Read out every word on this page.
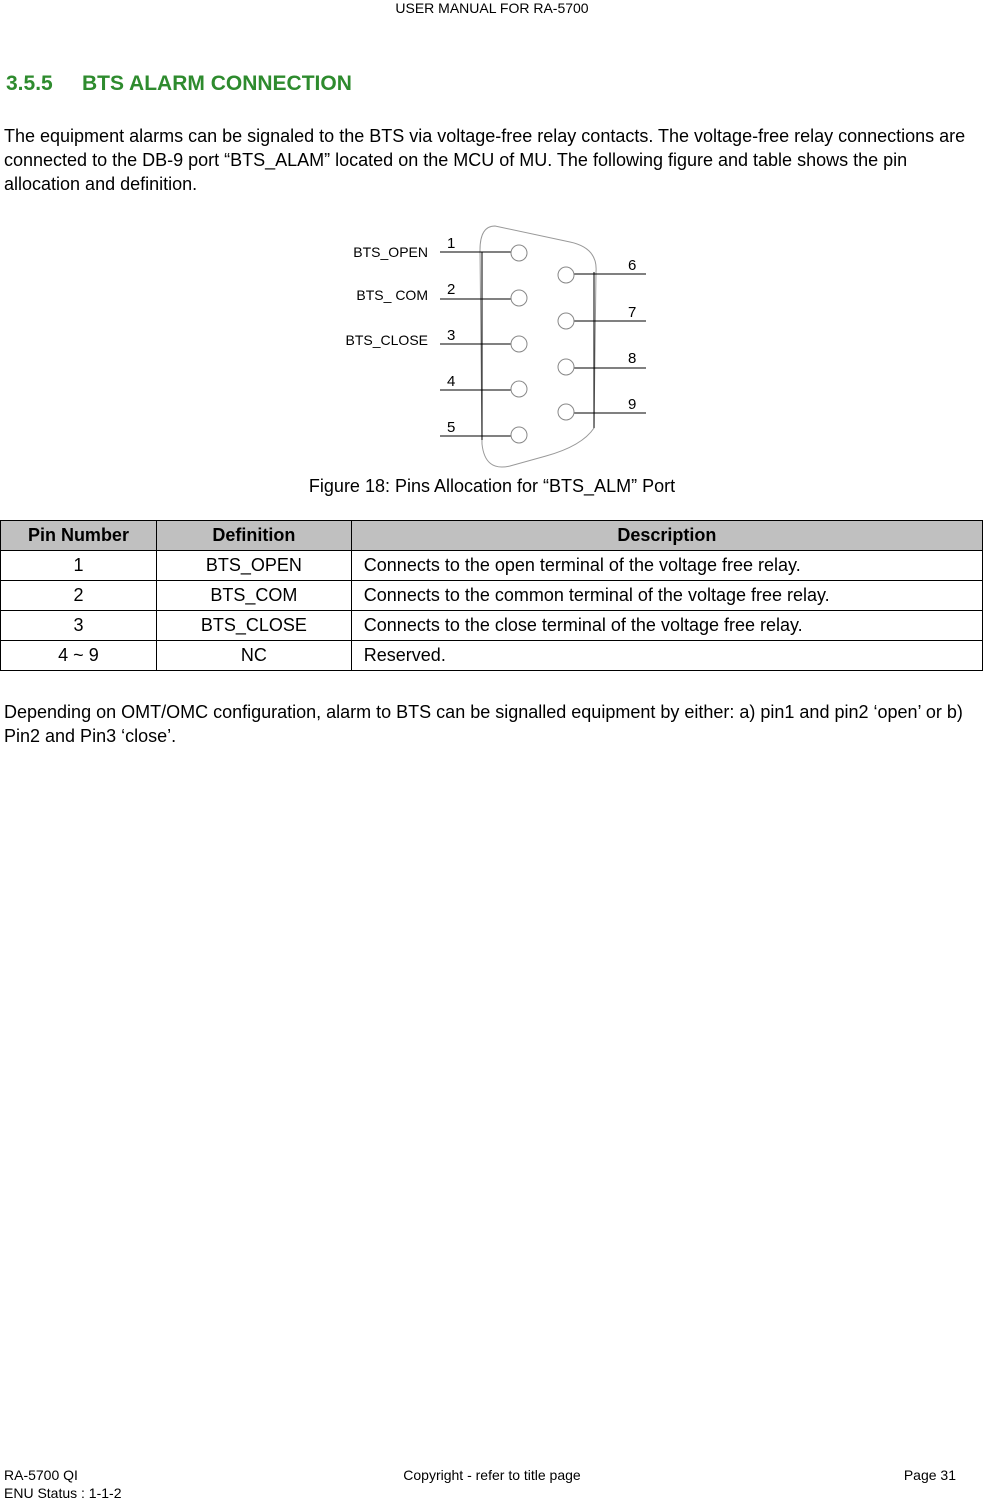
USER MANUAL FOR RA-5700
3.5.5 BTS ALARM CONNECTION

The equipment alarms can be signaled to the BTS via voltage-free relay contacts. The voltage-free relay connections are connected to the DB-9 port “BTS_ALAM” located on the MCU of MU. The following figure and table shows the pin allocation and definition.

1
2
3
4
5
6
7
8
9
BTS_OPEN
BTS_ COM
BTS_CLOSE
Figure 18: Pins Allocation for “BTS_ALM” Port
Pin Number	Definition	Description
1	BTS_OPEN	Connects to the open terminal of the voltage free relay.
2	BTS_COM	Connects to the common terminal of the voltage free relay.
3	BTS_CLOSE	Connects to the close terminal of the voltage free relay.
4 ~ 9	NC	Reserved.

Depending on OMT/OMC configuration, alarm to BTS can be signalled equipment by either: a) pin1 and pin2 ‘open’ or b) Pin2 and Pin3 ‘close’.

RA-5700 QI
ENU Status : 1-1-2
Copyright - refer to title page	Page 31
